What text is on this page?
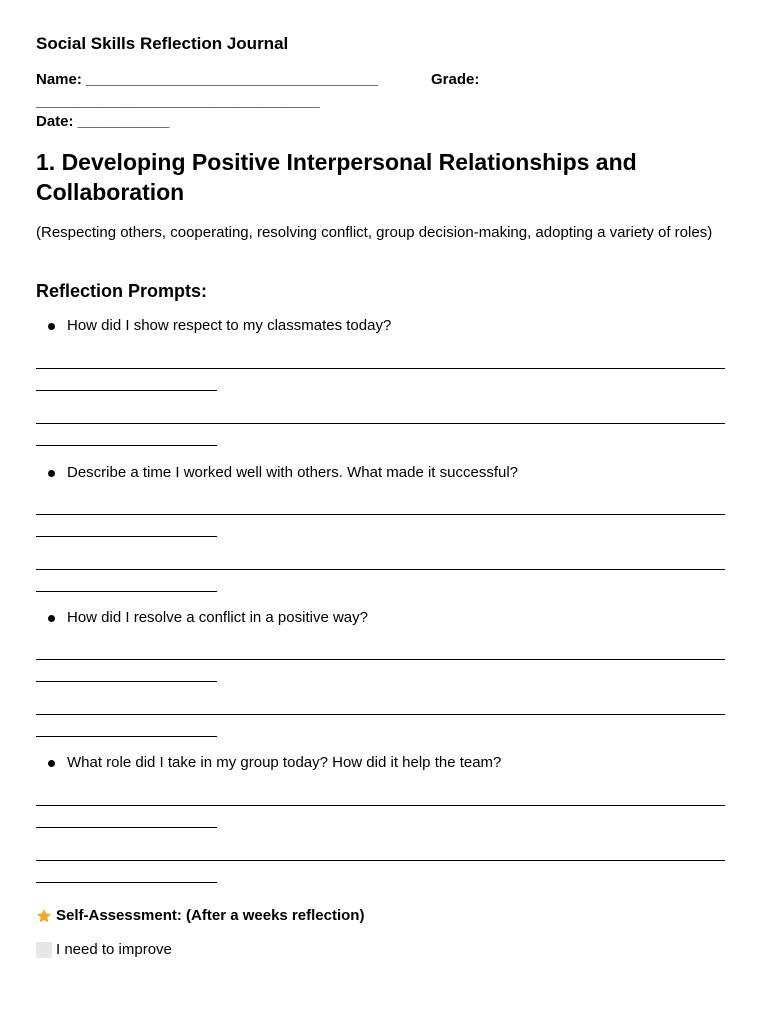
Social Skills Reflection Journal
Name: ___________________________________	Grade:
__________________________________
Date: ___________
1. Developing Positive Interpersonal Relationships and Collaboration
(Respecting others, cooperating, resolving conflict, group decision-making, adopting a variety of roles)
Reflection Prompts:
How did I show respect to my classmates today?
Describe a time I worked well with others. What made it successful?
How did I resolve a conflict in a positive way?
What role did I take in my group today? How did it help the team?
Self-Assessment: (After a weeks reflection)
I need to improve
